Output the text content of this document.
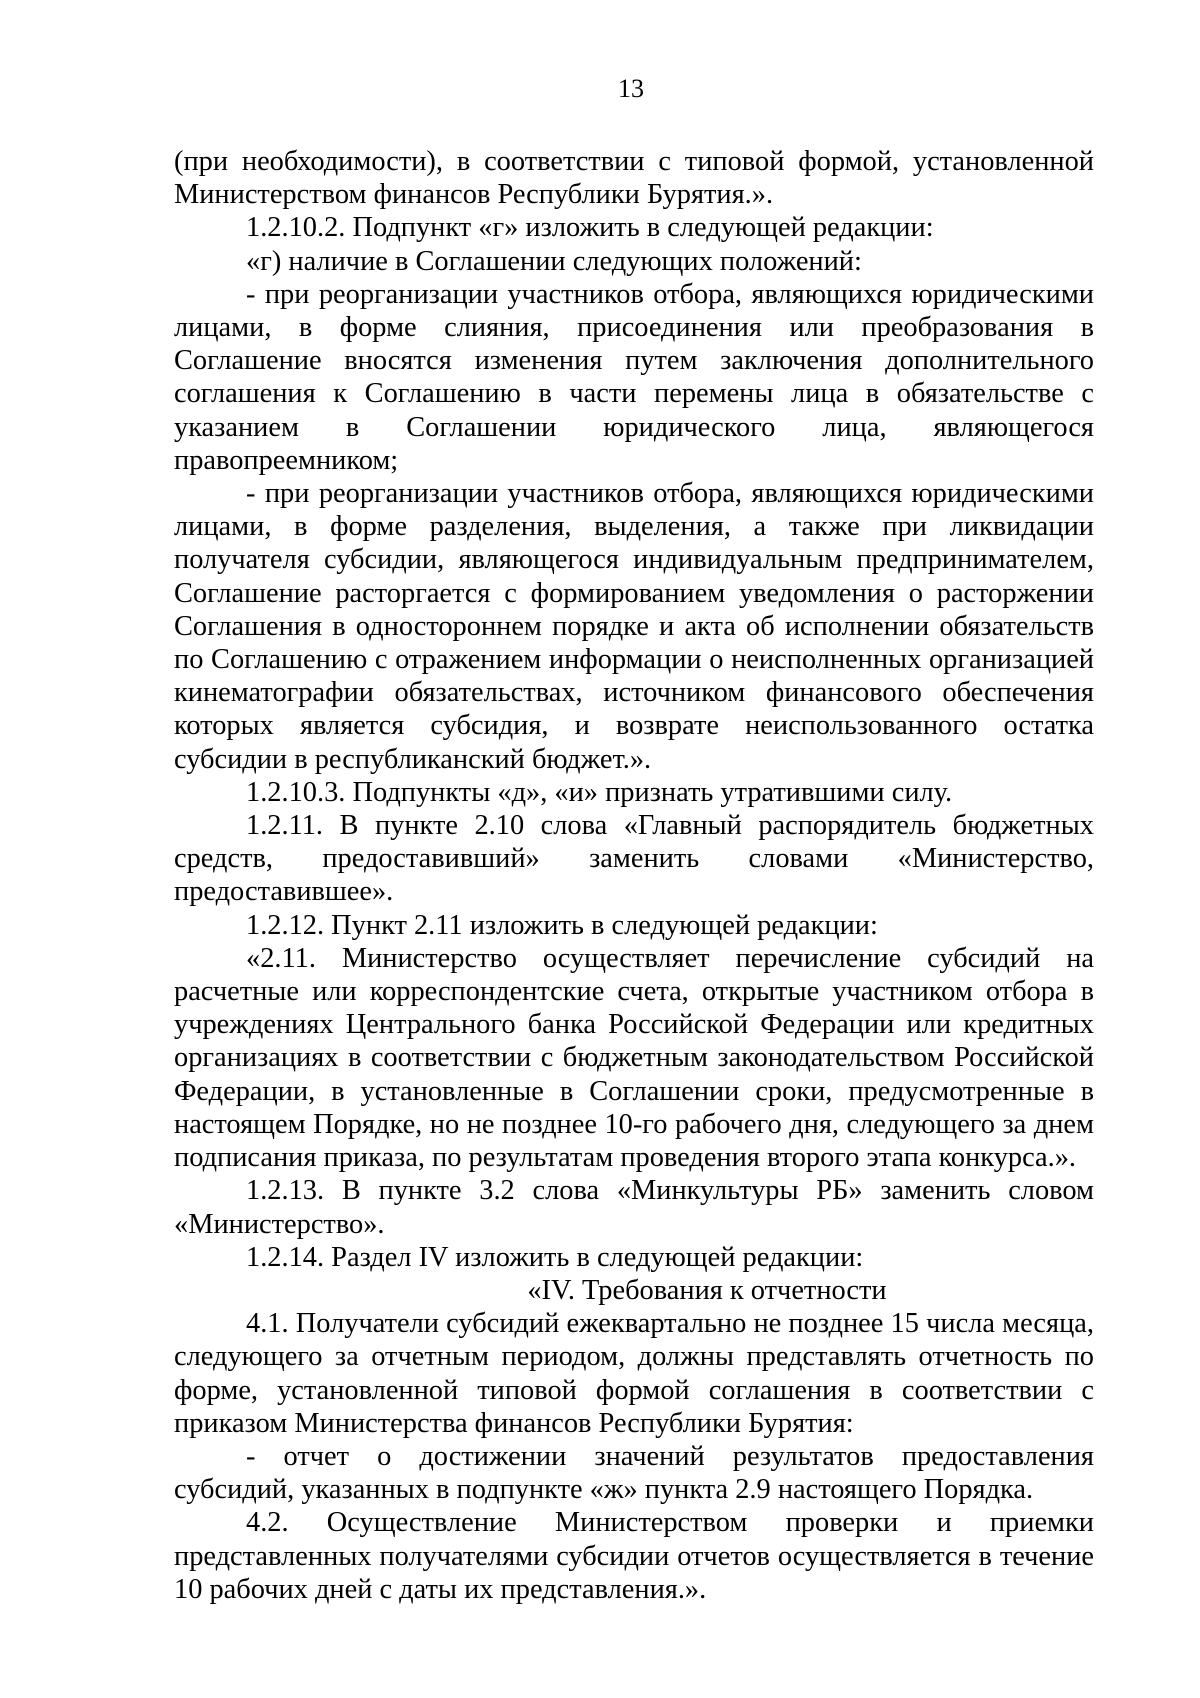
13

(при необходимости), в соответствии с типовой формой, установленной Министерством финансов Республики Бурятия.».

1.2.10.2. Подпункт «г» изложить в следующей редакции:

«г) наличие в Соглашении следующих положений:

- при реорганизации участников отбора, являющихся юридическими лицами, в форме слияния, присоединения или преобразования в Соглашение вносятся изменения путем заключения дополнительного соглашения к Соглашению в части перемены лица в обязательстве с указанием в Соглашении юридического лица, являющегося правопреемником;

- при реорганизации участников отбора, являющихся юридическими лицами, в форме разделения, выделения, а также при ликвидации получателя субсидии, являющегося индивидуальным предпринимателем, Соглашение расторгается с формированием уведомления о расторжении Соглашения в одностороннем порядке и акта об исполнении обязательств по Соглашению с отражением информации о неисполненных организацией кинематографии обязательствах, источником финансового обеспечения которых является субсидия, и возврате неиспользованного остатка субсидии в республиканский бюджет.».

1.2.10.3. Подпункты «д», «и» признать утратившими силу.

1.2.11. В пункте 2.10 слова «Главный распорядитель бюджетных средств, предоставивший» заменить словами «Министерство, предоставившее».

1.2.12. Пункт 2.11 изложить в следующей редакции:

«2.11. Министерство осуществляет перечисление субсидий на расчетные или корреспондентские счета, открытые участником отбора в учреждениях Центрального банка Российской Федерации или кредитных организациях в соответствии с бюджетным законодательством Российской Федерации, в установленные в Соглашении сроки, предусмотренные в настоящем Порядке, но не позднее 10-го рабочего дня, следующего за днем подписания приказа, по результатам проведения второго этапа конкурса.».

1.2.13. В пункте 3.2 слова «Минкультуры РБ» заменить словом «Министерство».

1.2.14. Раздел IV изложить в следующей редакции:

«IV. Требования к отчетности

4.1. Получатели субсидий ежеквартально не позднее 15 числа месяца, следующего за отчетным периодом, должны представлять отчетность по форме, установленной типовой формой соглашения в соответствии с приказом Министерства финансов Республики Бурятия:

- отчет о достижении значений результатов предоставления субсидий, указанных в подпункте «ж» пункта 2.9 настоящего Порядка.

4.2. Осуществление Министерством проверки и приемки представленных получателями субсидии отчетов осуществляется в течение 10 рабочих дней с даты их представления.».
